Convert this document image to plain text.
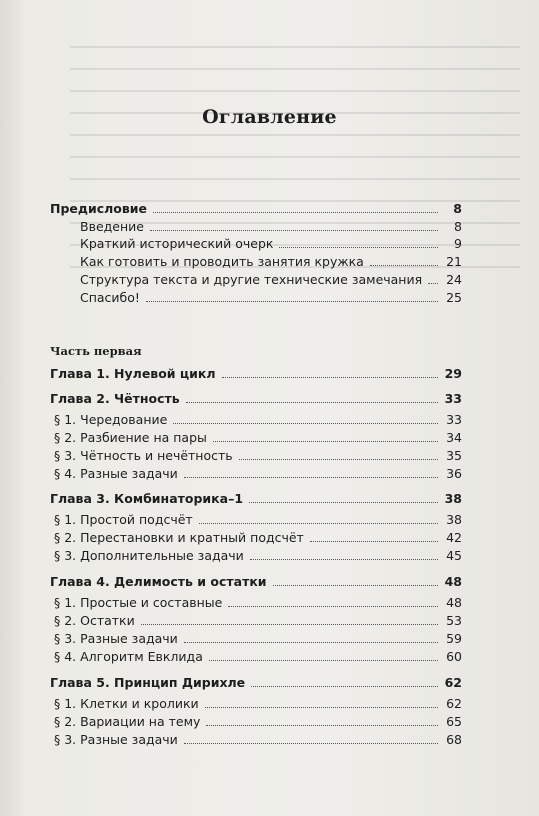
Оглавление
Предисловие	8
Введение	8
Краткий исторический очерк	9
Как готовить и проводить занятия кружка	21
Структура текста и другие технические замечания 24
Спасибо!	25
Часть первая
Глава 1. Нулевой цикл	29
Глава 2. Чётность	33
§ 1. Чередование	33
§ 2. Разбиение на пары	34
§ 3. Чётность и нечётность	35
§ 4. Разные задачи	36
Глава 3. Комбинаторика–1	38
§ 1. Простой подсчёт	38
§ 2. Перестановки и кратный подсчёт	42
§ 3. Дополнительные задачи	45
Глава 4. Делимость и остатки	48
§ 1. Простые и составные	48
§ 2. Остатки	53
§ 3. Разные задачи	59
§ 4. Алгоритм Евклида	60
Глава 5. Принцип Дирихле	62
§ 1. Клетки и кролики	62
§ 2. Вариации на тему	65
§ 3. Разные задачи	68
